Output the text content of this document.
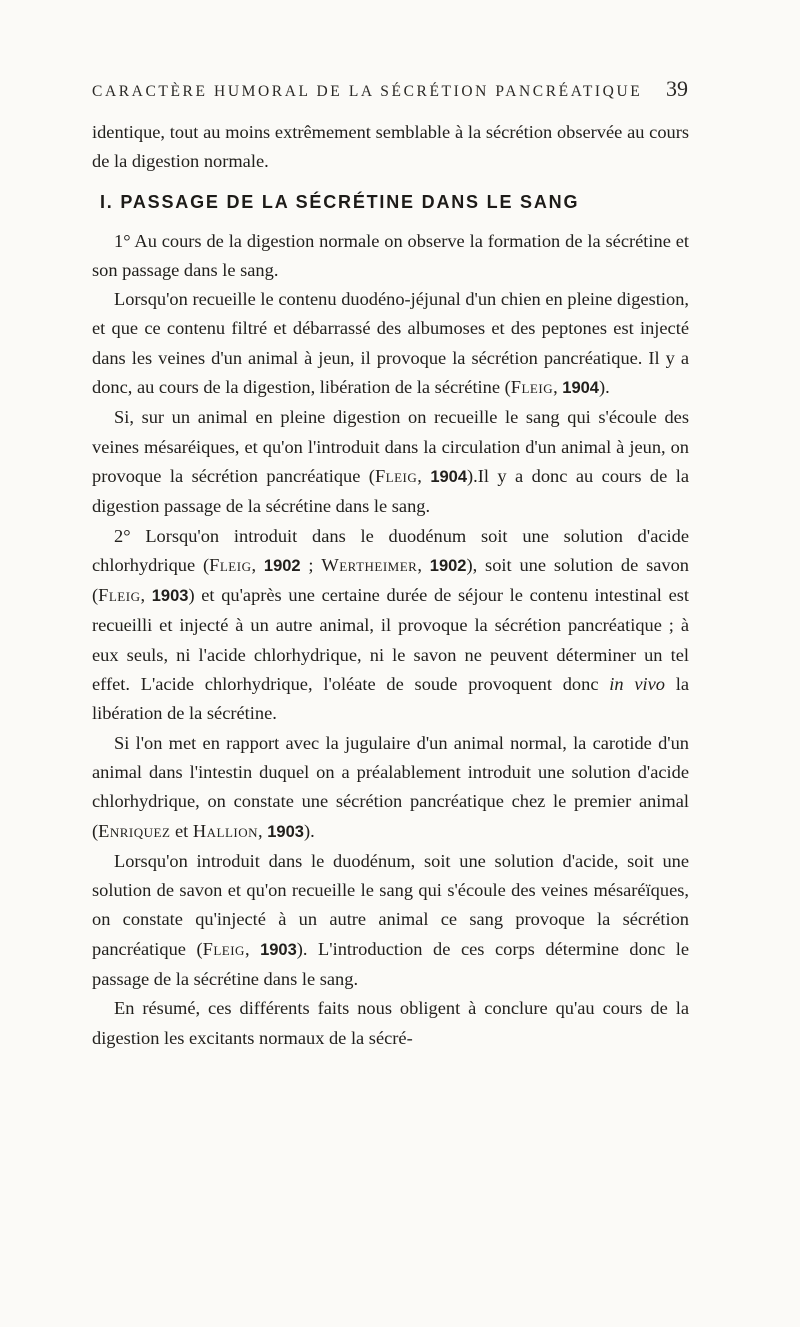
CARACTÈRE HUMORAL DE LA SÉCRÉTION PANCRÉATIQUE 39

identique, tout au moins extrêmement semblable à la sécrétion observée au cours de la digestion normale.

I. PASSAGE DE LA SÉCRÉTINE DANS LE SANG

1° Au cours de la digestion normale on observe la formation de la sécrétine et son passage dans le sang.

Lorsqu'on recueille le contenu duodéno-jéjunal d'un chien en pleine digestion, et que ce contenu filtré et débarrassé des albumoses et des peptones est injecté dans les veines d'un animal à jeun, il provoque la sécrétion pancréatique. Il y a donc, au cours de la digestion, libération de la sécrétine (Fleig, 1904).

Si, sur un animal en pleine digestion on recueille le sang qui s'écoule des veines mésaréiques, et qu'on l'introduit dans la circulation d'un animal à jeun, on provoque la sécrétion pancréatique (Fleig, 1904).Il y a donc au cours de la digestion passage de la sécrétine dans le sang.

2° Lorsqu'on introduit dans le duodénum soit une solution d'acide chlorhydrique (Fleig, 1902 ; Wertheimer, 1902), soit une solution de savon (Fleig, 1903) et qu'après une certaine durée de séjour le contenu intestinal est recueilli et injecté à un autre animal, il provoque la sécrétion pancréatique ; à eux seuls, ni l'acide chlorhydrique, ni le savon ne peuvent déterminer un tel effet. L'acide chlorhydrique, l'oléate de soude provoquent donc in vivo la libération de la sécrétine.

Si l'on met en rapport avec la jugulaire d'un animal normal, la carotide d'un animal dans l'intestin duquel on a préalablement introduit une solution d'acide chlorhydrique, on constate une sécrétion pancréatique chez le premier animal (Enriquez et Hallion, 1903).

Lorsqu'on introduit dans le duodénum, soit une solution d'acide, soit une solution de savon et qu'on recueille le sang qui s'écoule des veines mésaréïques, on constate qu'injecté à un autre animal ce sang provoque la sécrétion pancréatique (Fleig, 1903). L'introduction de ces corps détermine donc le passage de la sécrétine dans le sang.

En résumé, ces différents faits nous obligent à conclure qu'au cours de la digestion les excitants normaux de la sécré-
